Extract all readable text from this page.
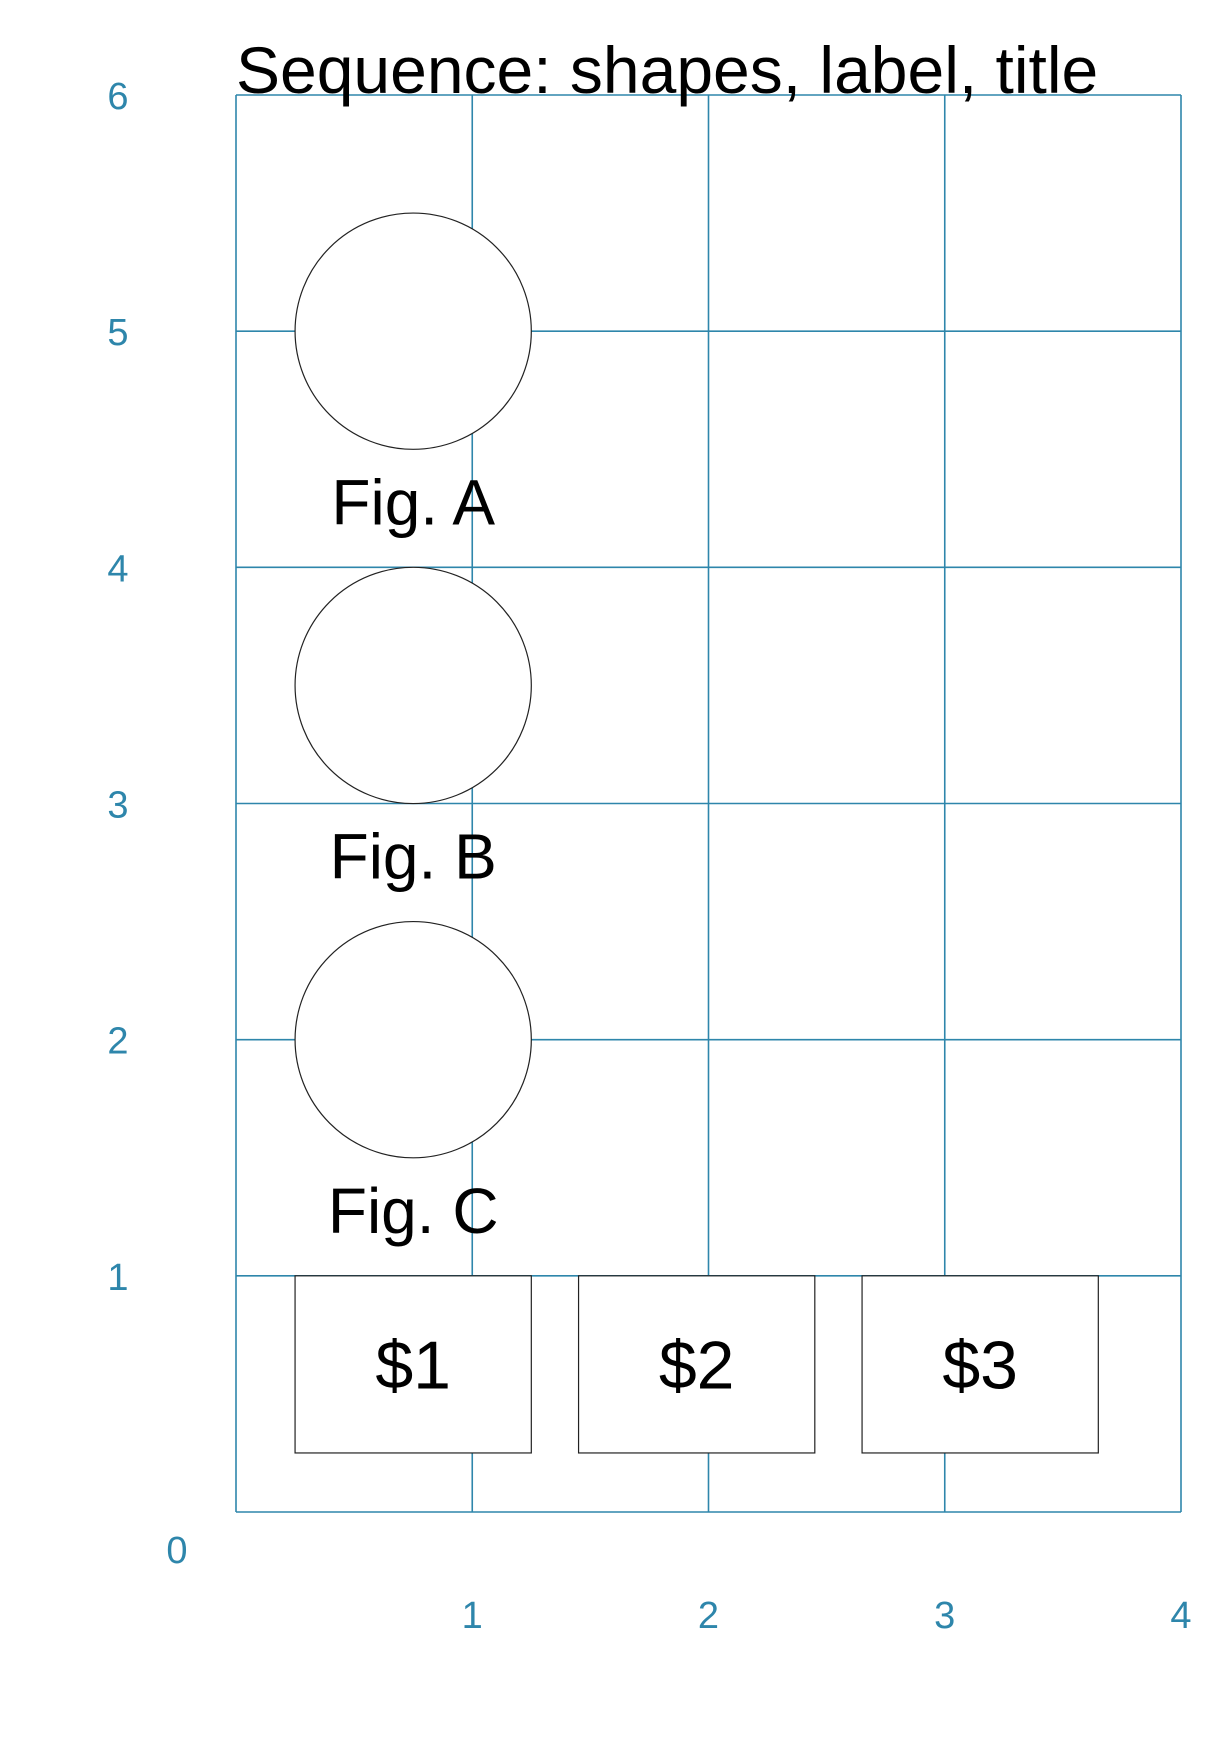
6
5
4
3
2
1
1	2	3	4
0
Fig. A
Fig. B
Fig. C
$1	$2	$3
Sequence: shapes, label, title
